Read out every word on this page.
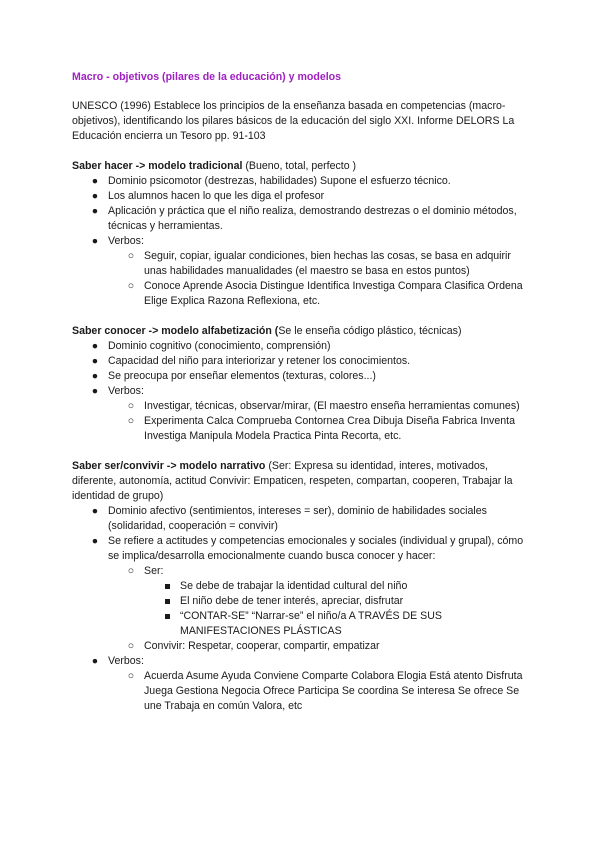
Macro - objetivos (pilares de la educación) y modelos

UNESCO (1996) Establece los principios de la enseñanza basada en competencias (macro-objetivos), identificando los pilares básicos de la educación del siglo XXI. Informe DELORS La Educación encierra un Tesoro pp. 91-103

Saber hacer -> modelo tradicional (Bueno, total, perfecto )

● Dominio psicomotor (destrezas, habilidades) Supone el esfuerzo técnico.
● Los alumnos hacen lo que les diga el profesor
● Aplicación y práctica que el niño realiza, demostrando destrezas o el dominio métodos, técnicas y herramientas.
● Verbos:
○ Seguir, copiar, igualar condiciones, bien hechas las cosas, se basa en adquirir unas habilidades manualidades (el maestro se basa en estos puntos)
○ Conoce Aprende Asocia Distingue Identifica Investiga Compara Clasifica Ordena Elige Explica Razona Reflexiona, etc.

Saber conocer -> modelo alfabetización (Se le enseña código plástico, técnicas)

● Dominio cognitivo (conocimiento, comprensión)
● Capacidad del niño para interiorizar y retener los conocimientos.
● Se preocupa por enseñar elementos (texturas, colores...)
● Verbos:
○ Investigar, técnicas, observar/mirar, (El maestro enseña herramientas comunes)
○ Experimenta Calca Comprueba Contornea Crea Dibuja Diseña Fabrica Inventa Investiga Manipula Modela Practica Pinta Recorta, etc.

Saber ser/convivir -> modelo narrativo (Ser: Expresa su identidad, interes, motivados, diferente, autonomía, actitud Convivir: Empaticen, respeten, compartan, cooperen, Trabajar la identidad de grupo)

● Dominio afectivo (sentimientos, intereses = ser), dominio de habilidades sociales (solidaridad, cooperación = convivir)
● Se refiere a actitudes y competencias emocionales y sociales (individual y grupal), cómo se implica/desarrolla emocionalmente cuando busca conocer y hacer:
○ Ser:
Se debe de trabajar la identidad cultural del niño
El niño debe de tener interés, apreciar, disfrutar
“CONTAR-SE” “Narrar-se” el niño/a A TRAVÉS DE SUS MANIFESTACIONES PLÁSTICAS
○ Convivir: Respetar, cooperar, compartir, empatizar
● Verbos:
○ Acuerda Asume Ayuda Conviene Comparte Colabora Elogia Está atento Disfruta Juega Gestiona Negocia Ofrece Participa Se coordina Se interesa Se ofrece Se une Trabaja en común Valora, etc
